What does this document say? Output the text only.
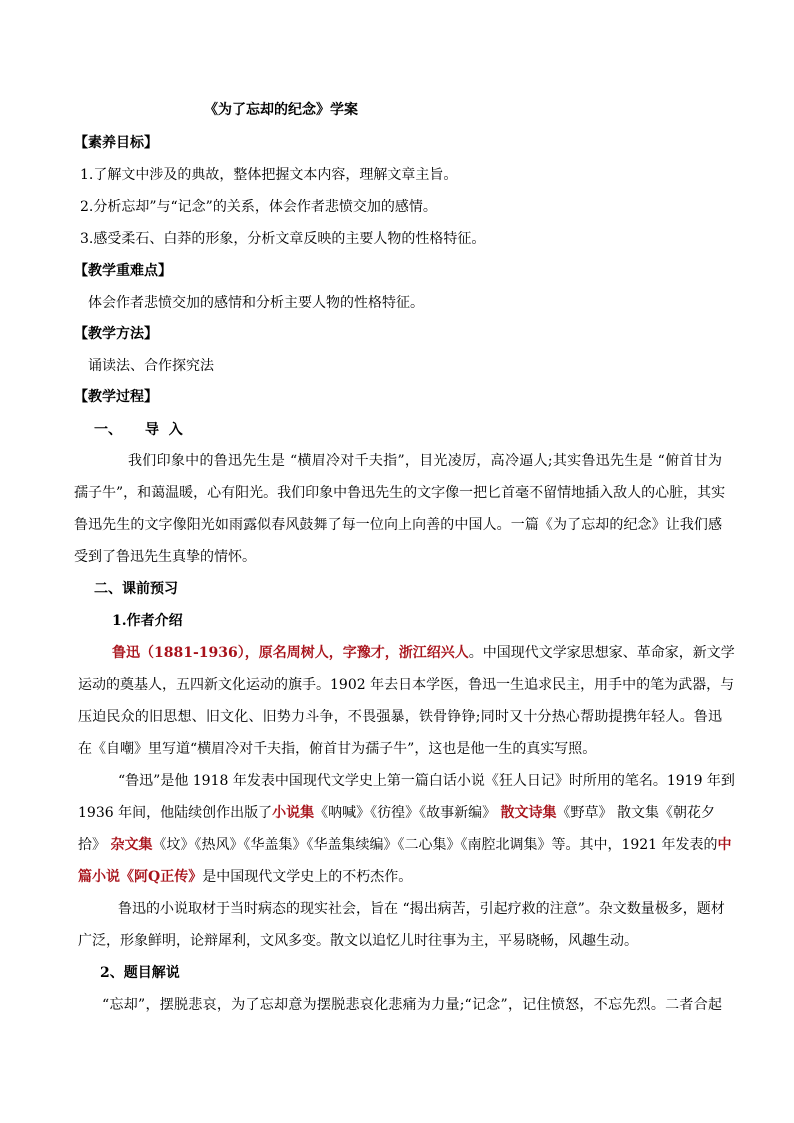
《为了忘却的纪念》学案
【素养目标】
1.了解文中涉及的典故，整体把握文本内容，理解文章主旨。
2.分析忘却”与“记念”的关系，体会作者悲愤交加的感情。
3.感受柔石、白莽的形象，分析文章反映的主要人物的性格特征。
【教学重难点】
体会作者悲愤交加的感情和分析主要人物的性格特征。
【教学方法】
诵读法、合作探究法
【教学过程】
一、 导  入
我们印象中的鲁迅先生是 “横眉冷对千夫指”，目光凌厉，高冷逼人;其实鲁迅先生是 “俯首甘为
孺子牛”，和蔼温暖，心有阳光。我们印象中鲁迅先生的文字像一把匕首毫不留情地插入敌人的心脏，其实
鲁迅先生的文字像阳光如雨露似春风鼓舞了每一位向上向善的中国人。一篇《为了忘却的纪念》让我们感
受到了鲁迅先生真挚的情怀。
二、课前预习
1.作者介绍
鲁迅（1881-1936），原名周树人，字豫才，浙江绍兴人。中国现代文学家思想家、革命家，新文学
运动的奠基人，五四新文化运动的旗手。1902 年去日本学医，鲁迅一生追求民主，用手中的笔为武器，与
压迫民众的旧思想、旧文化、旧势力斗争，不畏强暴，铁骨铮铮;同时又十分热心帮助提携年轻人。鲁迅
在《自嘲》里写道“横眉冷对千夫指，俯首甘为孺子牛”，这也是他一生的真实写照。
“鲁迅”是他 1918 年发表中国现代文学史上第一篇白话小说《狂人日记》时所用的笔名。1919 年到
1936 年间，他陆续创作出版了小说集《呐喊》《彷徨》《故事新编》 散文诗集《野草》 散文集《朝花夕
拾》 杂文集《坟》《热风》《华盖集》《华盖集续编》《二心集》《南腔北调集》等。其中，1921 年发表的中
篇小说《阿Q正传》是中国现代文学史上的不朽杰作。
鲁迅的小说取材于当时病态的现实社会，旨在 “揭出病苦，引起疗救的注意”。杂文数量极多，题材
广泛，形象鲜明，论辩犀利，文风多变。散文以追忆儿时往事为主，平易晓畅，风趣生动。
2、题目解说
“忘却”，摆脱悲哀，为了忘却意为摆脱悲哀化悲痛为力量;“记念”，记住愤怒，不忘先烈。二者合起
